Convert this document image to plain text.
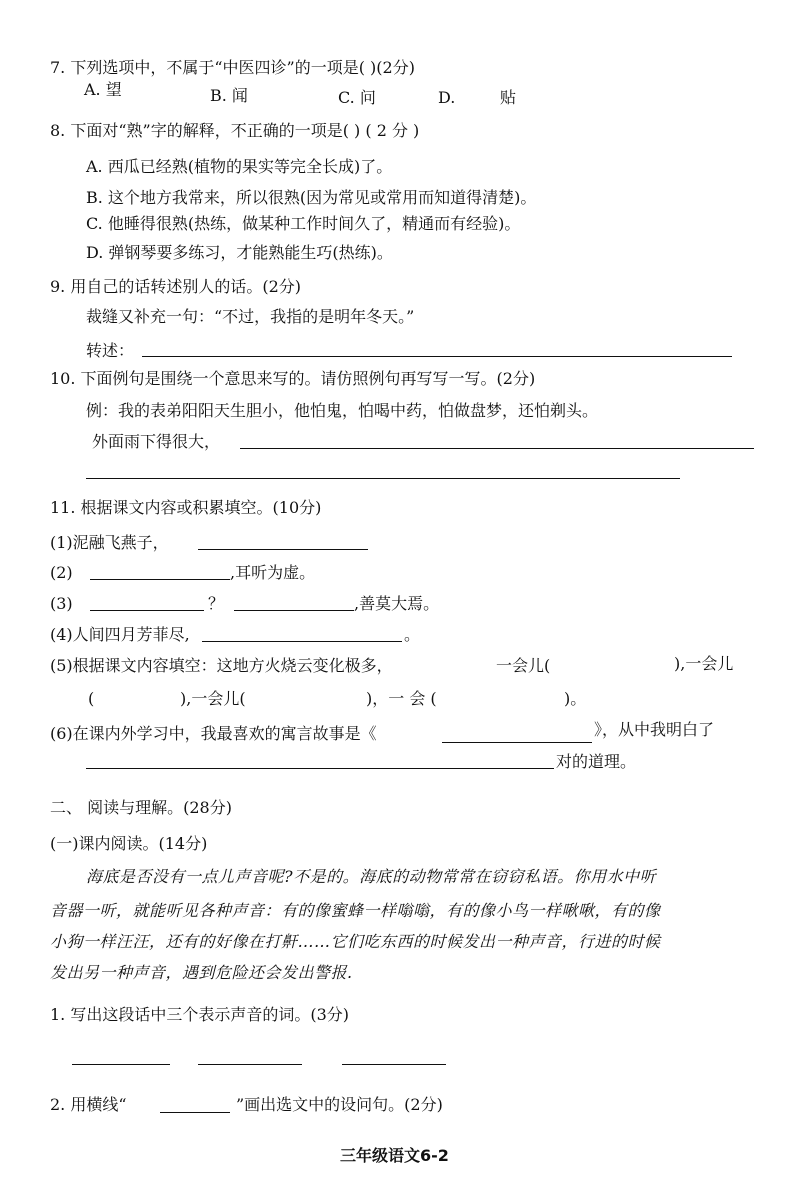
7. 下列选项中，不属于“中医四诊”的一项是( )(2分)
A. 望	B. 闻	C. 问	D.	贴
8. 下面对“熟”字的解释，不正确的一项是( ) ( 2 分 )
A. 西瓜已经熟(植物的果实等完全长成)了。
B. 这个地方我常来，所以很熟(因为常见或常用而知道得清楚)。
C. 他睡得很熟(热练，做某种工作时间久了，精通而有经验)。
D. 弹钢琴要多练习，才能熟能生巧(热练)。
9. 用自己的话转述别人的话。(2分)
裁缝又补充一句：“不过，我指的是明年冬天。”
转述：
10. 下面例句是围绕一个意思来写的。请仿照例句再写写一写。(2分)
例：我的表弟阳阳天生胆小，他怕鬼，怕喝中药，怕做盘梦，还怕剃头。
外面雨下得很大，
11. 根据课文内容或积累填空。(10分)
(1)泥融飞燕子，
(2)	,耳听为虚。
(3)	？	,善莫大焉。
(4)人间四月芳菲尽,	。
(5)根据课文内容填空：这地方火烧云变化极多，	一会儿(	),一会儿
(	),一会儿(	)，一 会 (	)。
(6)在课内外学习中，我最喜欢的寓言故事是《	》，从中我明白了
对的道理。
二、 阅读与理解。(28分)
(一)课内阅读。(14分)
海底是否没有一点儿声音呢?不是的。海底的动物常常在窃窃私语。你用水中听
音器一听，就能听见各种声音：有的像蜜蜂一样嗡嗡，有的像小鸟一样啾啾，有的像
小狗一样汪汪，还有的好像在打鼾……它们吃东西的时候发出一种声音，行进的时候
发出另一种声音，遇到危险还会发出警报.
1. 写出这段话中三个表示声音的词。(3分)
2. 用横线“	”画出选文中的设问句。(2分)
三年级语文6-2
